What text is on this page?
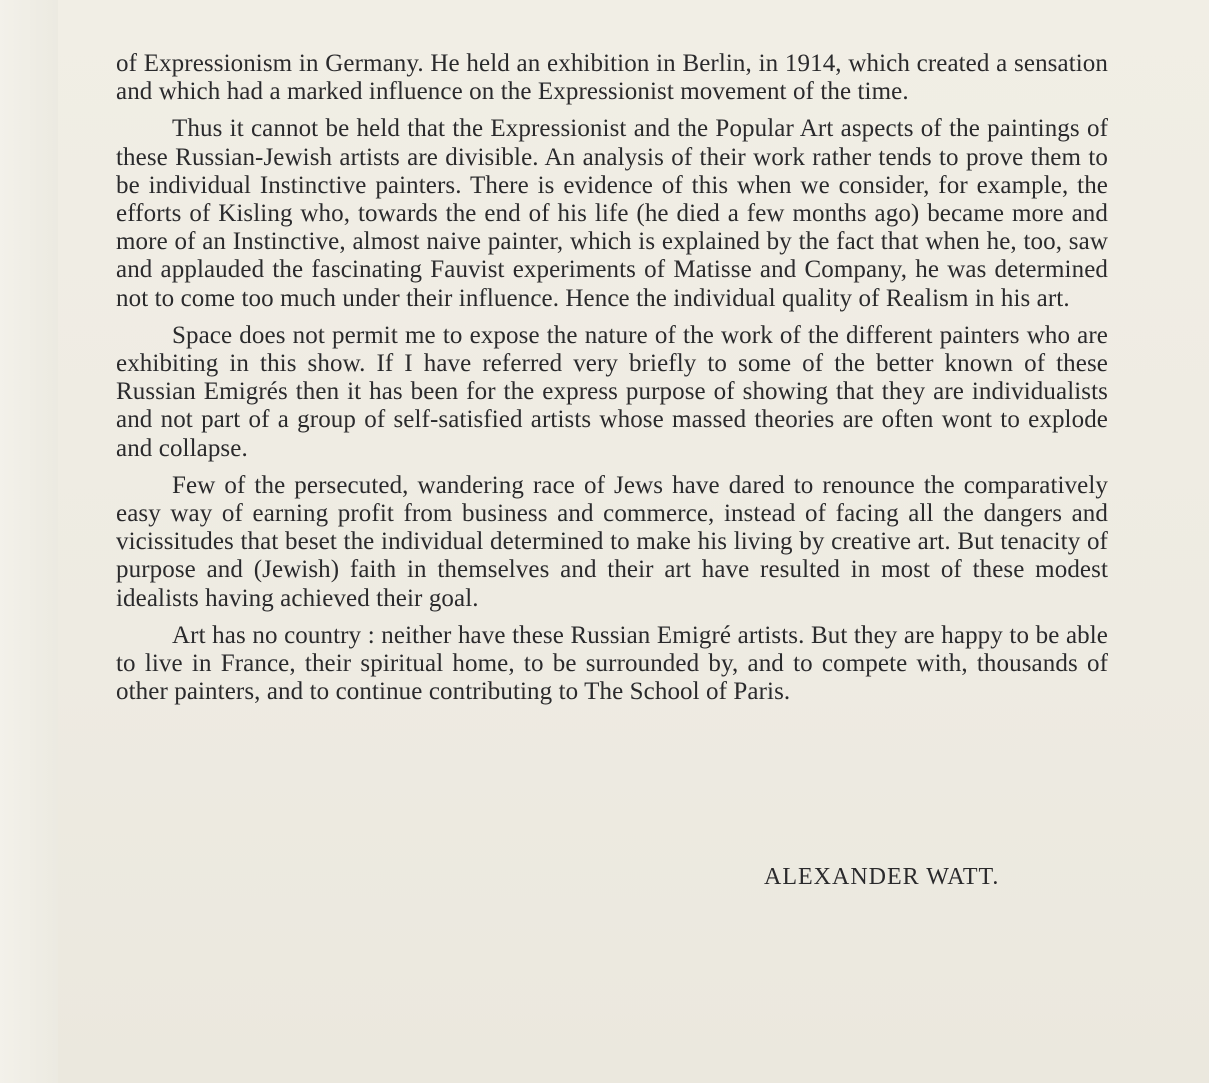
of Expressionism in Germany. He held an exhibition in Berlin, in 1914, which created a sensation and which had a marked influence on the Expressionist movement of the time.

Thus it cannot be held that the Expressionist and the Popular Art aspects of the paintings of these Russian-Jewish artists are divisible. An analysis of their work rather tends to prove them to be individual Instinctive painters. There is evidence of this when we consider, for example, the efforts of Kisling who, towards the end of his life (he died a few months ago) became more and more of an Instinctive, almost naive painter, which is explained by the fact that when he, too, saw and applauded the fascinating Fauvist experiments of Matisse and Company, he was determined not to come too much under their influence. Hence the individual quality of Realism in his art.

Space does not permit me to expose the nature of the work of the different painters who are exhibiting in this show. If I have referred very briefly to some of the better known of these Russian Emigrés then it has been for the express purpose of showing that they are individualists and not part of a group of self-satisfied artists whose massed theories are often wont to explode and collapse.

Few of the persecuted, wandering race of Jews have dared to renounce the comparatively easy way of earning profit from business and commerce, instead of facing all the dangers and vicissitudes that beset the individual determined to make his living by creative art. But tenacity of purpose and (Jewish) faith in themselves and their art have resulted in most of these modest idealists having achieved their goal.

Art has no country : neither have these Russian Emigré artists. But they are happy to be able to live in France, their spiritual home, to be surrounded by, and to compete with, thousands of other painters, and to continue contributing to The School of Paris.

ALEXANDER WATT.
